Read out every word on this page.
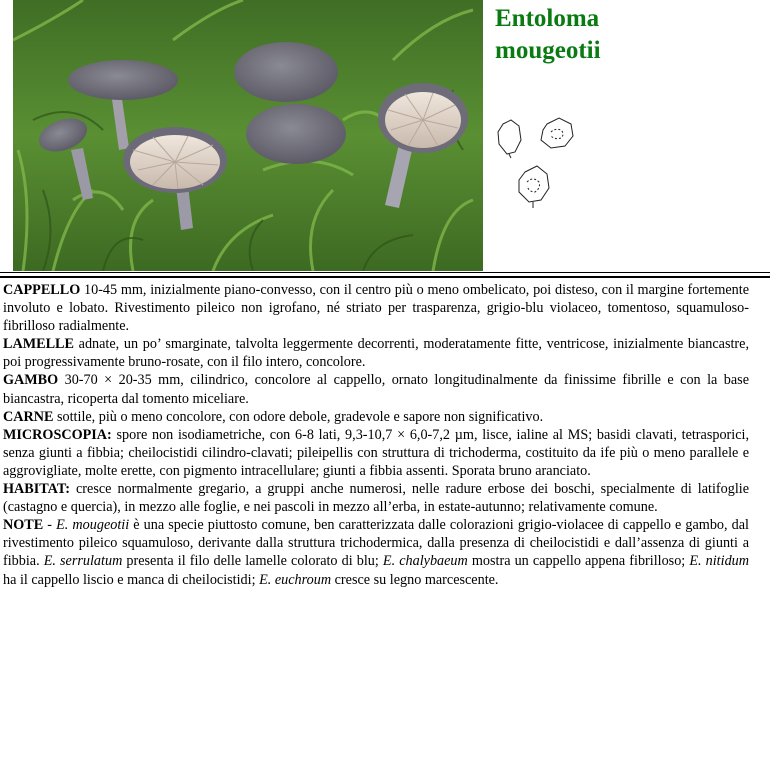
Entoloma
mougeotii

CAPPELLO 10-45 mm, inizialmente piano-convesso, con il centro più o meno ombelicato, poi disteso, con il margine fortemente involuto e lobato. Rivestimento pileico non igrofano, né striato per trasparenza, grigio-blu violaceo, tomentoso, squamuloso-fibrilloso radialmente.

LAMELLE adnate, un po’ smarginate, talvolta leggermente decorrenti, moderatamente fitte, ventricose, inizialmente biancastre, poi progressivamente bruno-rosate, con il filo intero, concolore.

GAMBO 30-70 × 20-35 mm, cilindrico, concolore al cappello, ornato longitudinalmente da finissime fibrille e con la base biancastra, ricoperta dal tomento miceliare.

CARNE sottile, più o meno concolore, con odore debole, gradevole e sapore non significativo.

MICROSCOPIA: spore non isodiametriche, con 6-8 lati, 9,3-10,7 × 6,0-7,2 µm, lisce, ialine al MS; basidi clavati, tetrasporici, senza giunti a fibbia; cheilocistidi cilindro-clavati; pileipellis con struttura di trichoderma, costituito da ife più o meno parallele e aggrovigliate, molte erette, con pigmento intracellulare; giunti a fibbia assenti. Sporata bruno aranciato.

HABITAT: cresce normalmente gregario, a gruppi anche numerosi, nelle radure erbose dei boschi, specialmente di latifoglie (castagno e quercia), in mezzo alle foglie, e nei pascoli in mezzo all’erba, in estate-autunno; relativamente comune.

NOTE - E. mougeotii è una specie piuttosto comune, ben caratterizzata dalle colorazioni grigio-violacee di cappello e gambo, dal rivestimento pileico squamuloso, derivante dalla struttura trichodermica, dalla presenza di cheilocistidi e dall’assenza di giunti a fibbia. E. serrulatum presenta il filo delle lamelle colorato di blu; E. chalybaeum mostra un cappello appena fibrilloso; E. nitidum ha il cappello liscio e manca di cheilocistidi; E. euchroum cresce su legno marcescente.
